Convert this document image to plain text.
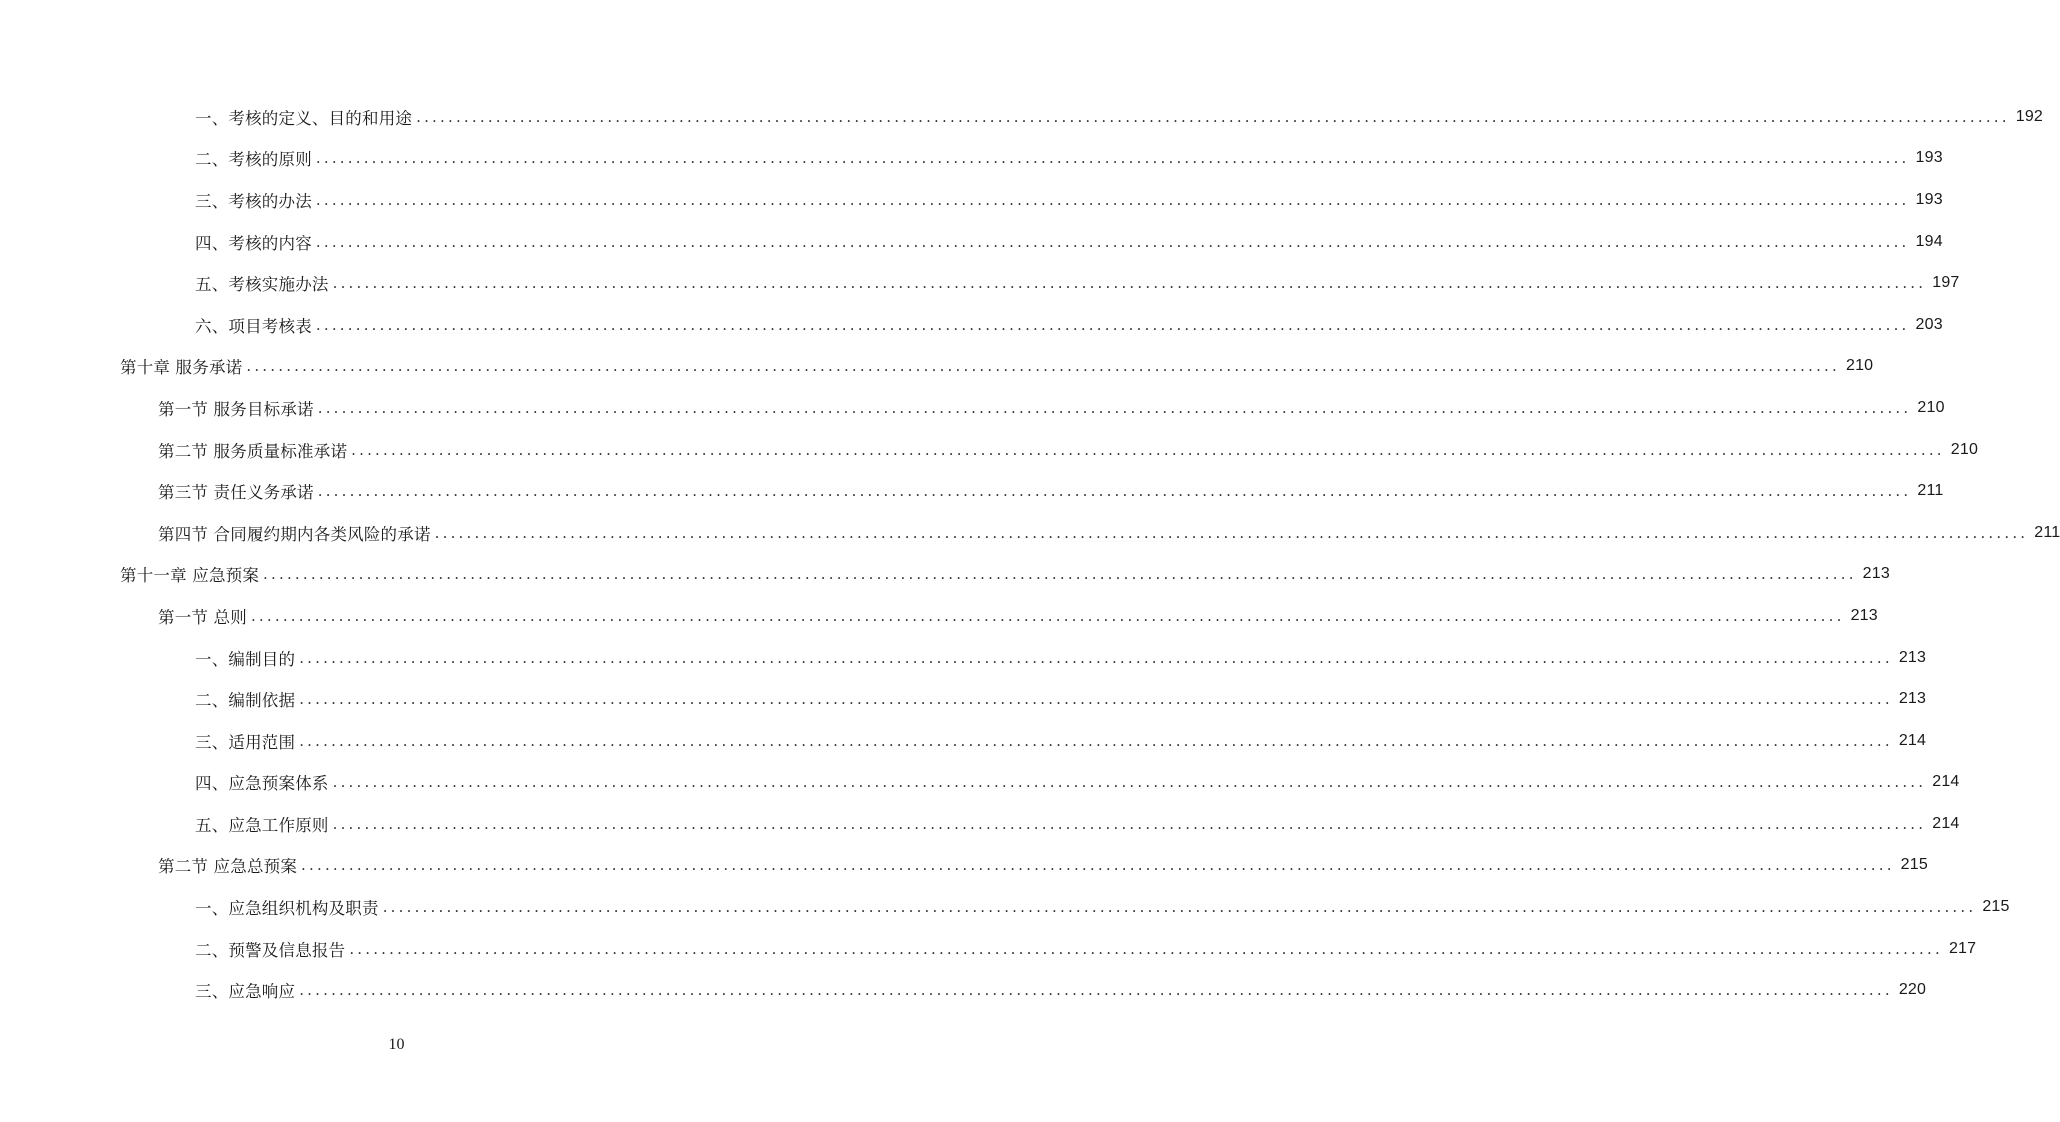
一、考核的定义、目的和用途 ........................................................................................................................................................................................................ 192
二、考核的原则 ........................................................................................................................................................................................................ 193
三、考核的办法 ........................................................................................................................................................................................................ 193
四、考核的内容 ........................................................................................................................................................................................................ 194
五、考核实施办法 ........................................................................................................................................................................................................ 197
六、项目考核表 ........................................................................................................................................................................................................ 203
第十章 服务承诺 ........................................................................................................................................................................................................ 210
第一节 服务目标承诺 ........................................................................................................................................................................................................ 210
第二节 服务质量标准承诺 ........................................................................................................................................................................................................ 210
第三节 责任义务承诺 ........................................................................................................................................................................................................ 211
第四节 合同履约期内各类风险的承诺 ........................................................................................................................................................................................................ 211
第十一章 应急预案 ........................................................................................................................................................................................................ 213
第一节 总则 ........................................................................................................................................................................................................ 213
一、编制目的 ........................................................................................................................................................................................................ 213
二、编制依据 ........................................................................................................................................................................................................ 213
三、适用范围 ........................................................................................................................................................................................................ 214
四、应急预案体系 ........................................................................................................................................................................................................ 214
五、应急工作原则 ........................................................................................................................................................................................................ 214
第二节 应急总预案 ........................................................................................................................................................................................................ 215
一、应急组织机构及职责 ........................................................................................................................................................................................................ 215
二、预警及信息报告 ........................................................................................................................................................................................................ 217
三、应急响应 ........................................................................................................................................................................................................ 220
10
